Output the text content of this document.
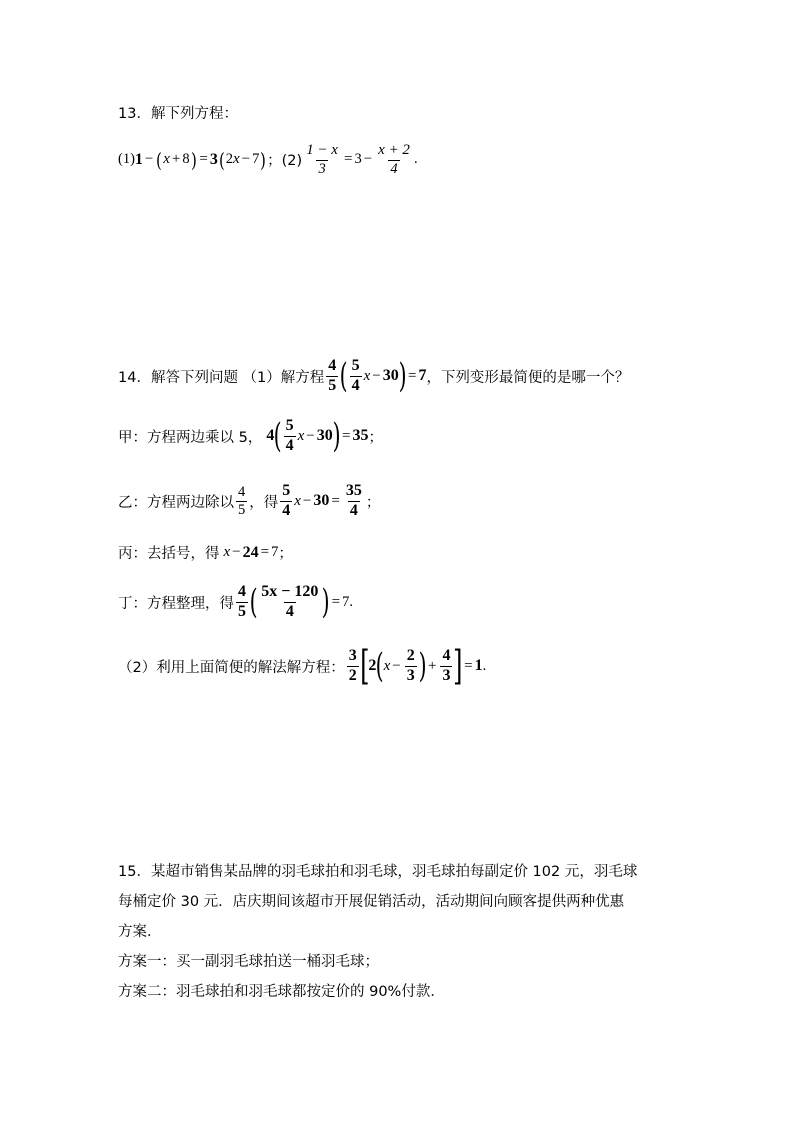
13．解下列方程：
(1) 1 − ( x + 8 ) = 3 ( 2 x − 7 ) ；$(2) \frac{1 - x}{3} = 3 - \frac{x + 2}{4}$ .
14．解答下列问题 （1）解方程 $\frac{4}{5}$ ( $\frac{5}{4}$ x − 30 ) = 7 ，下列变形最简便的是哪一个？
甲：方程两边乘以 5， 4 ( $\frac{5}{4}$ x − 30 ) = 35 ；
乙：方程两边除以 $\frac{4}{5}$ ，得 $\frac{5}{4}$ $x - 30 = \frac{35}{4}$ ；
丙：去括号，得 x − 24 = 7 ；
丁：方程整理，得 $\frac{4}{5}$ ( $\frac{5x - 120}{4}$ ) = 7 .
（2）利用上面简便的解法解方程： $\frac{3}{2}$ [ 2 ( $x - \frac{2}{3}$ ) + $\frac{4}{3}$ ] = 1 .
15．某超市销售某品牌的羽毛球拍和羽毛球，羽毛球拍每副定价 102 元，羽毛球
每桶定价 30 元．店庆期间该超市开展促销活动，活动期间向顾客提供两种优惠
方案．
方案一：买一副羽毛球拍送一桶羽毛球；
方案二：羽毛球拍和羽毛球都按定价的 90%付款．
